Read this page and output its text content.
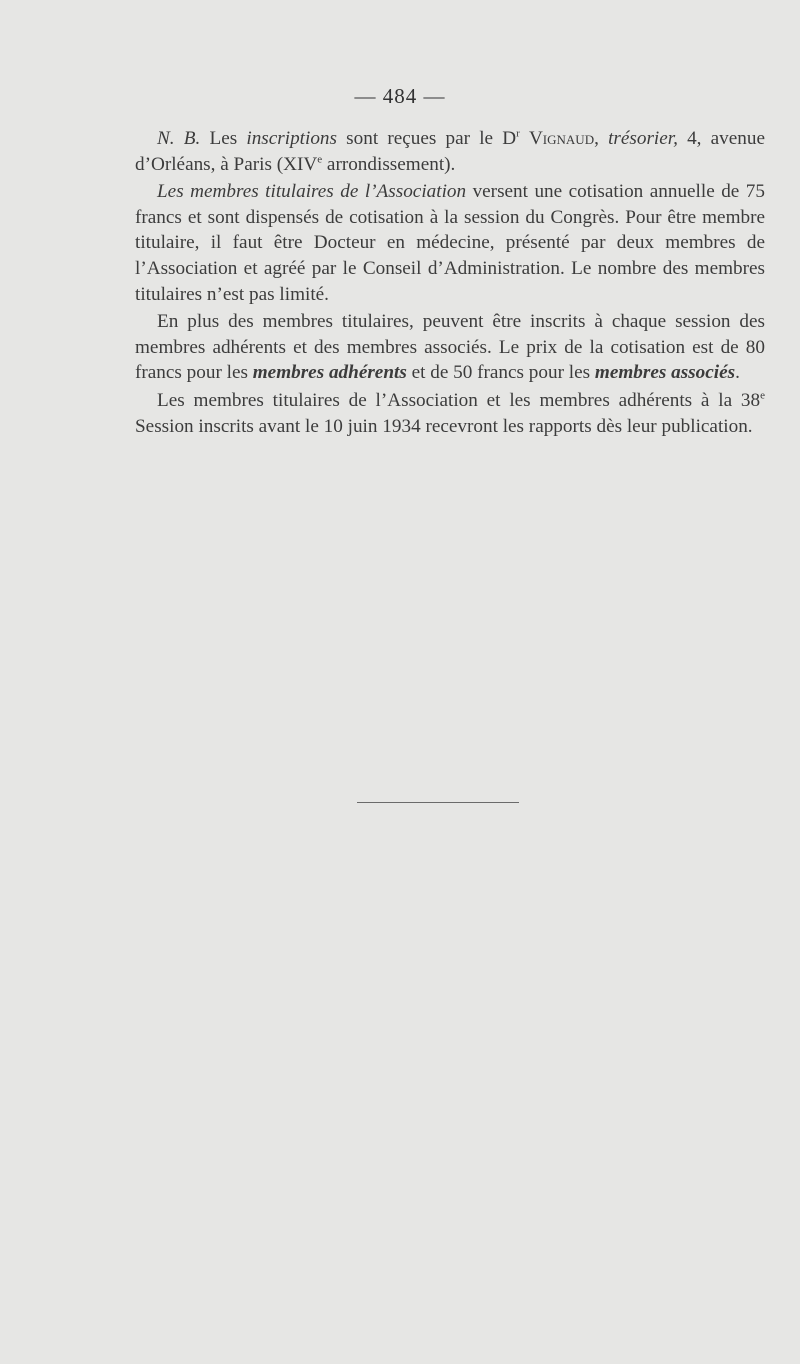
— 484 —

N. B. Les inscriptions sont reçues par le $D^r$ Vignaud, trésorier, 4, avenue d’Orléans, à Paris (XIVe arrondissement).

Les membres titulaires de l’Association versent une cotisation annuelle de 75 francs et sont dispensés de cotisation à la session du Congrès. Pour être membre titulaire, il faut être Docteur en médecine, présenté par deux membres de l’Association et agréé par le Conseil d’Administration. Le nombre des membres titulaires n’est pas limité.

En plus des membres titulaires, peuvent être inscrits à chaque session des membres adhérents et des membres associés. Le prix de la cotisation est de 80 francs pour les membres adhérents et de 50 francs pour les membres associés.

Les membres titulaires de l’Association et les membres adhérents à la 38e Session inscrits avant le 10 juin 1934 recevront les rapports dès leur publication.
